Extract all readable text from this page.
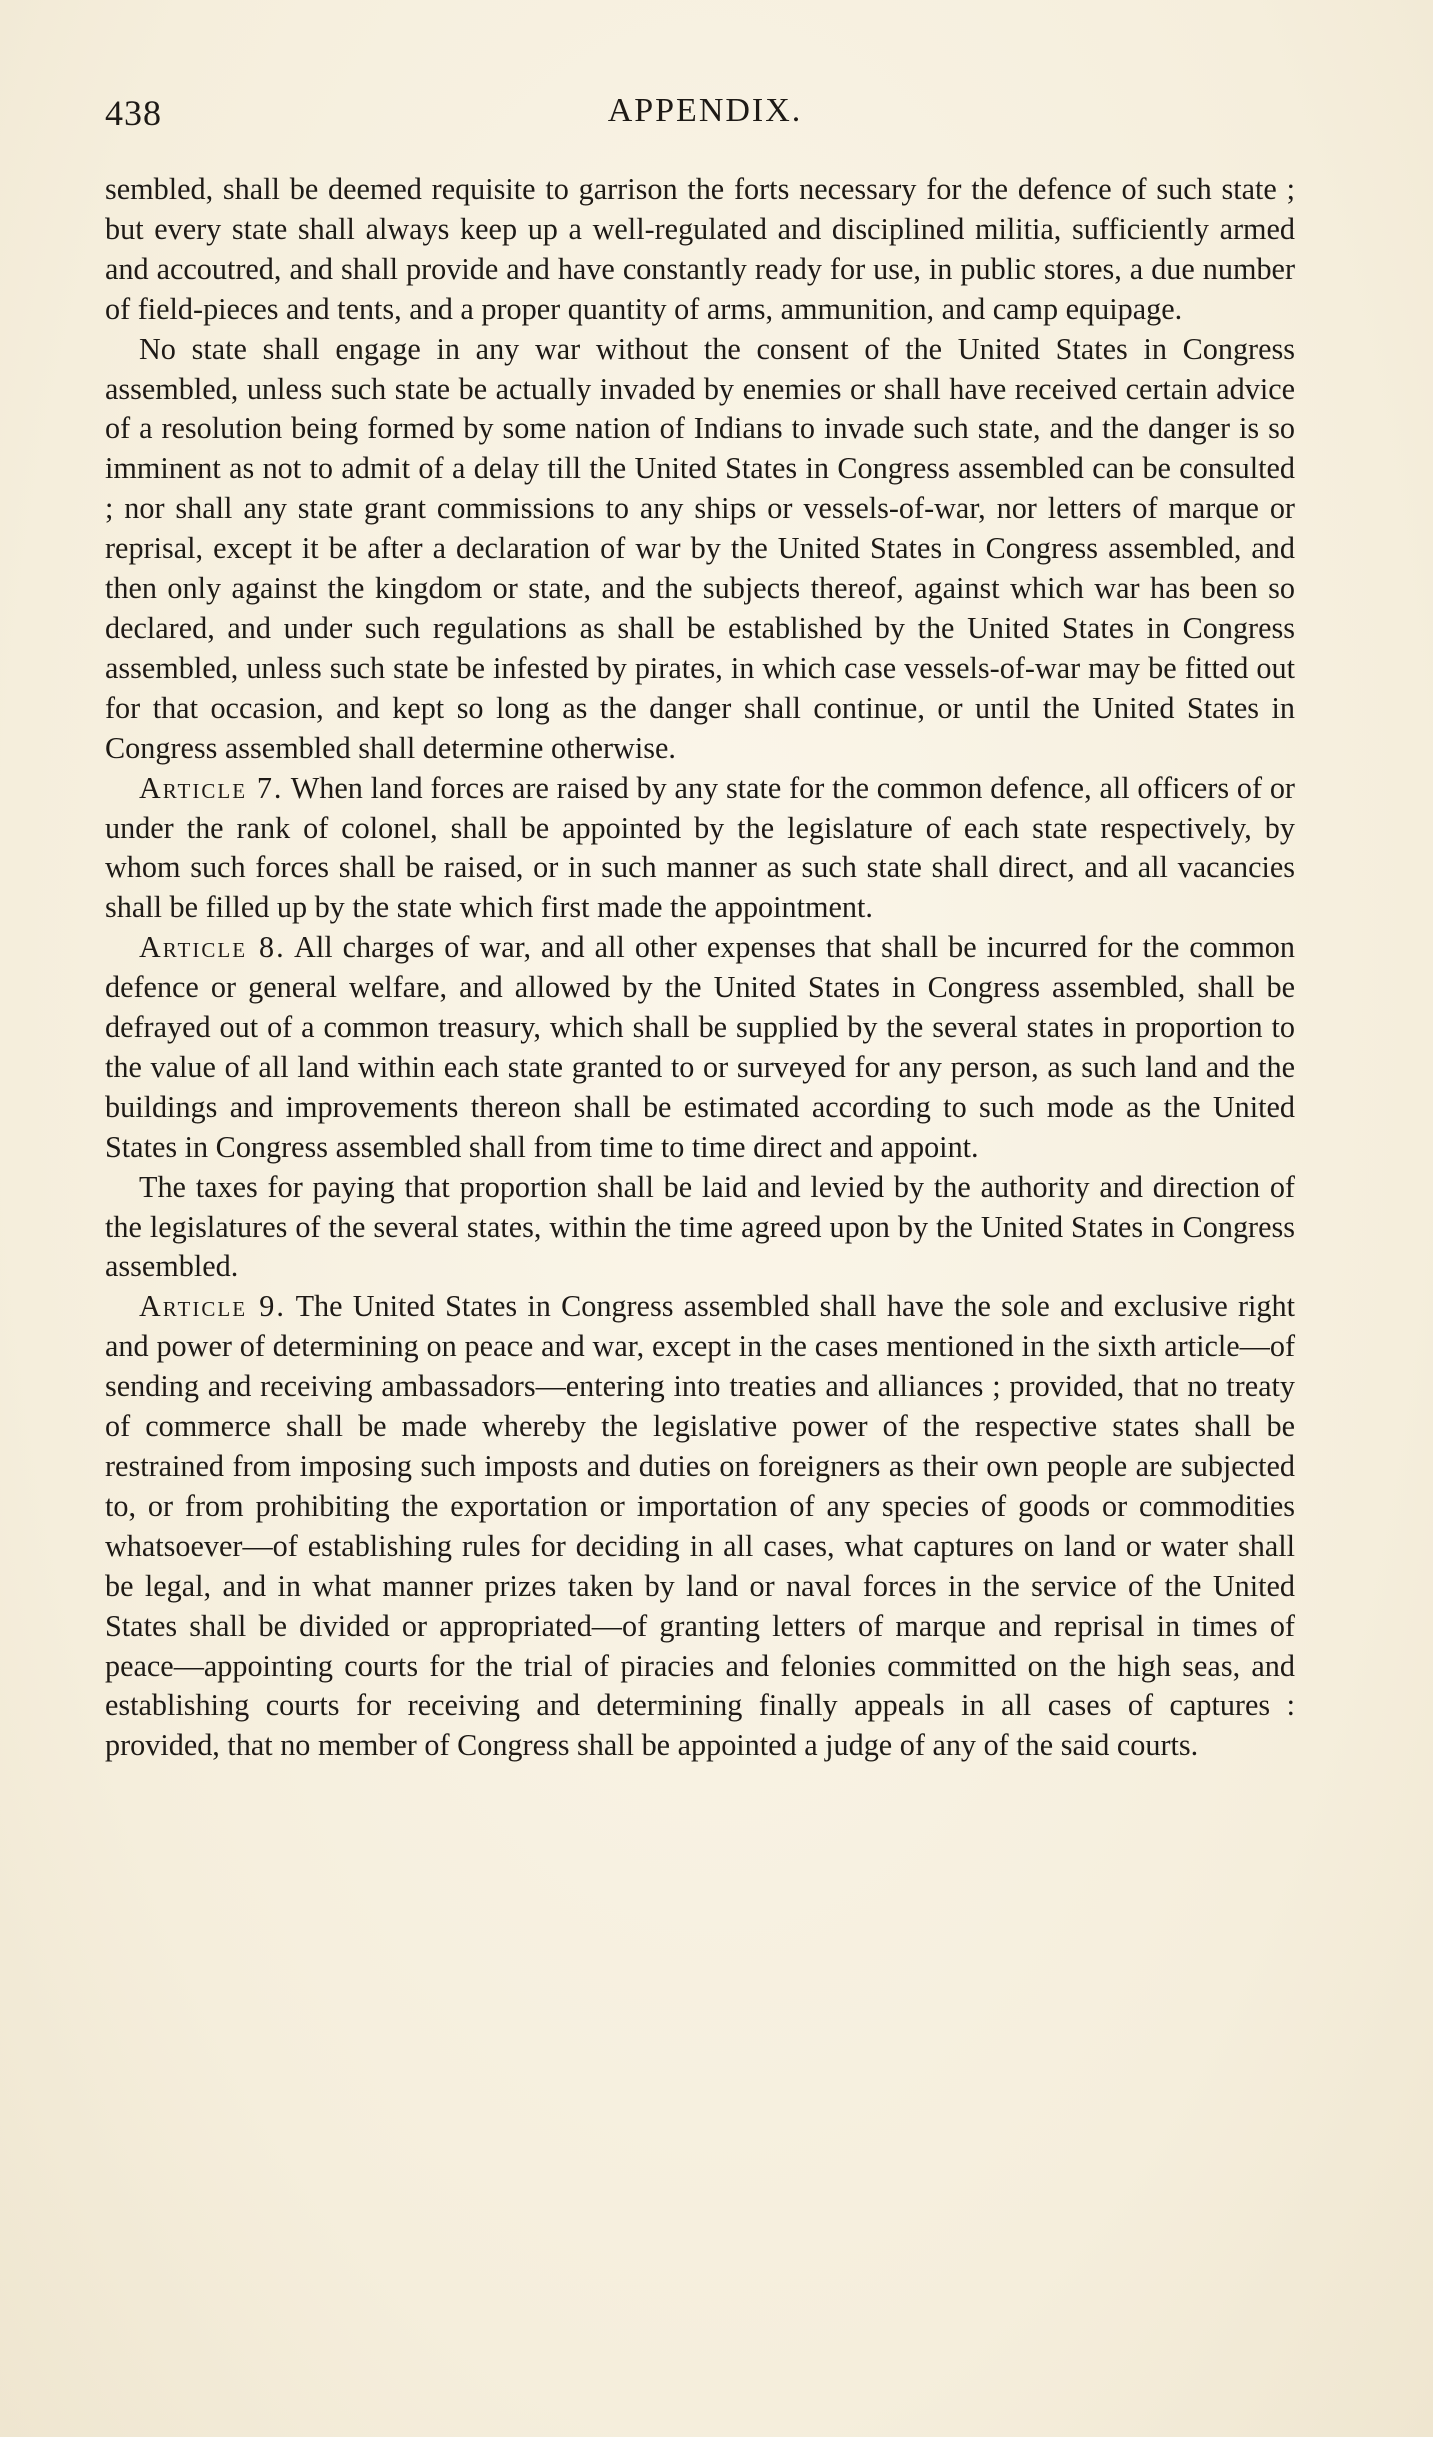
438	APPENDIX.

sembled, shall be deemed requisite to garrison the forts necessary for the defence of such state ; but every state shall always keep up a well-regulated and disciplined militia, sufficiently armed and accoutred, and shall provide and have constantly ready for use, in public stores, a due number of field-pieces and tents, and a proper quantity of arms, ammunition, and camp equipage.

No state shall engage in any war without the consent of the United States in Congress assembled, unless such state be actually invaded by enemies or shall have received certain advice of a resolution being formed by some nation of Indians to invade such state, and the danger is so imminent as not to admit of a delay till the United States in Congress assembled can be consulted ; nor shall any state grant commissions to any ships or vessels-of-war, nor letters of marque or reprisal, except it be after a declaration of war by the United States in Congress assembled, and then only against the kingdom or state, and the subjects thereof, against which war has been so declared, and under such regulations as shall be established by the United States in Congress assembled, unless such state be infested by pirates, in which case vessels-of-war may be fitted out for that occasion, and kept so long as the danger shall continue, or until the United States in Congress assembled shall determine otherwise.

Article 7. When land forces are raised by any state for the common defence, all officers of or under the rank of colonel, shall be appointed by the legislature of each state respectively, by whom such forces shall be raised, or in such manner as such state shall direct, and all vacancies shall be filled up by the state which first made the appointment.

Article 8. All charges of war, and all other expenses that shall be incurred for the common defence or general welfare, and allowed by the United States in Congress assembled, shall be defrayed out of a common treasury, which shall be supplied by the several states in proportion to the value of all land within each state granted to or surveyed for any person, as such land and the buildings and improvements thereon shall be estimated according to such mode as the United States in Congress assembled shall from time to time direct and appoint.

The taxes for paying that proportion shall be laid and levied by the authority and direction of the legislatures of the several states, within the time agreed upon by the United States in Congress assembled.

Article 9. The United States in Congress assembled shall have the sole and exclusive right and power of determining on peace and war, except in the cases mentioned in the sixth article—of sending and receiving ambassadors—entering into treaties and alliances ; provided, that no treaty of commerce shall be made whereby the legislative power of the respective states shall be restrained from imposing such imposts and duties on foreigners as their own people are subjected to, or from prohibiting the exportation or importation of any species of goods or commodities whatsoever—of establishing rules for deciding in all cases, what captures on land or water shall be legal, and in what manner prizes taken by land or naval forces in the service of the United States shall be divided or appropriated—of granting letters of marque and reprisal in times of peace—appointing courts for the trial of piracies and felonies committed on the high seas, and establishing courts for receiving and determining finally appeals in all cases of captures : provided, that no member of Congress shall be appointed a judge of any of the said courts.
